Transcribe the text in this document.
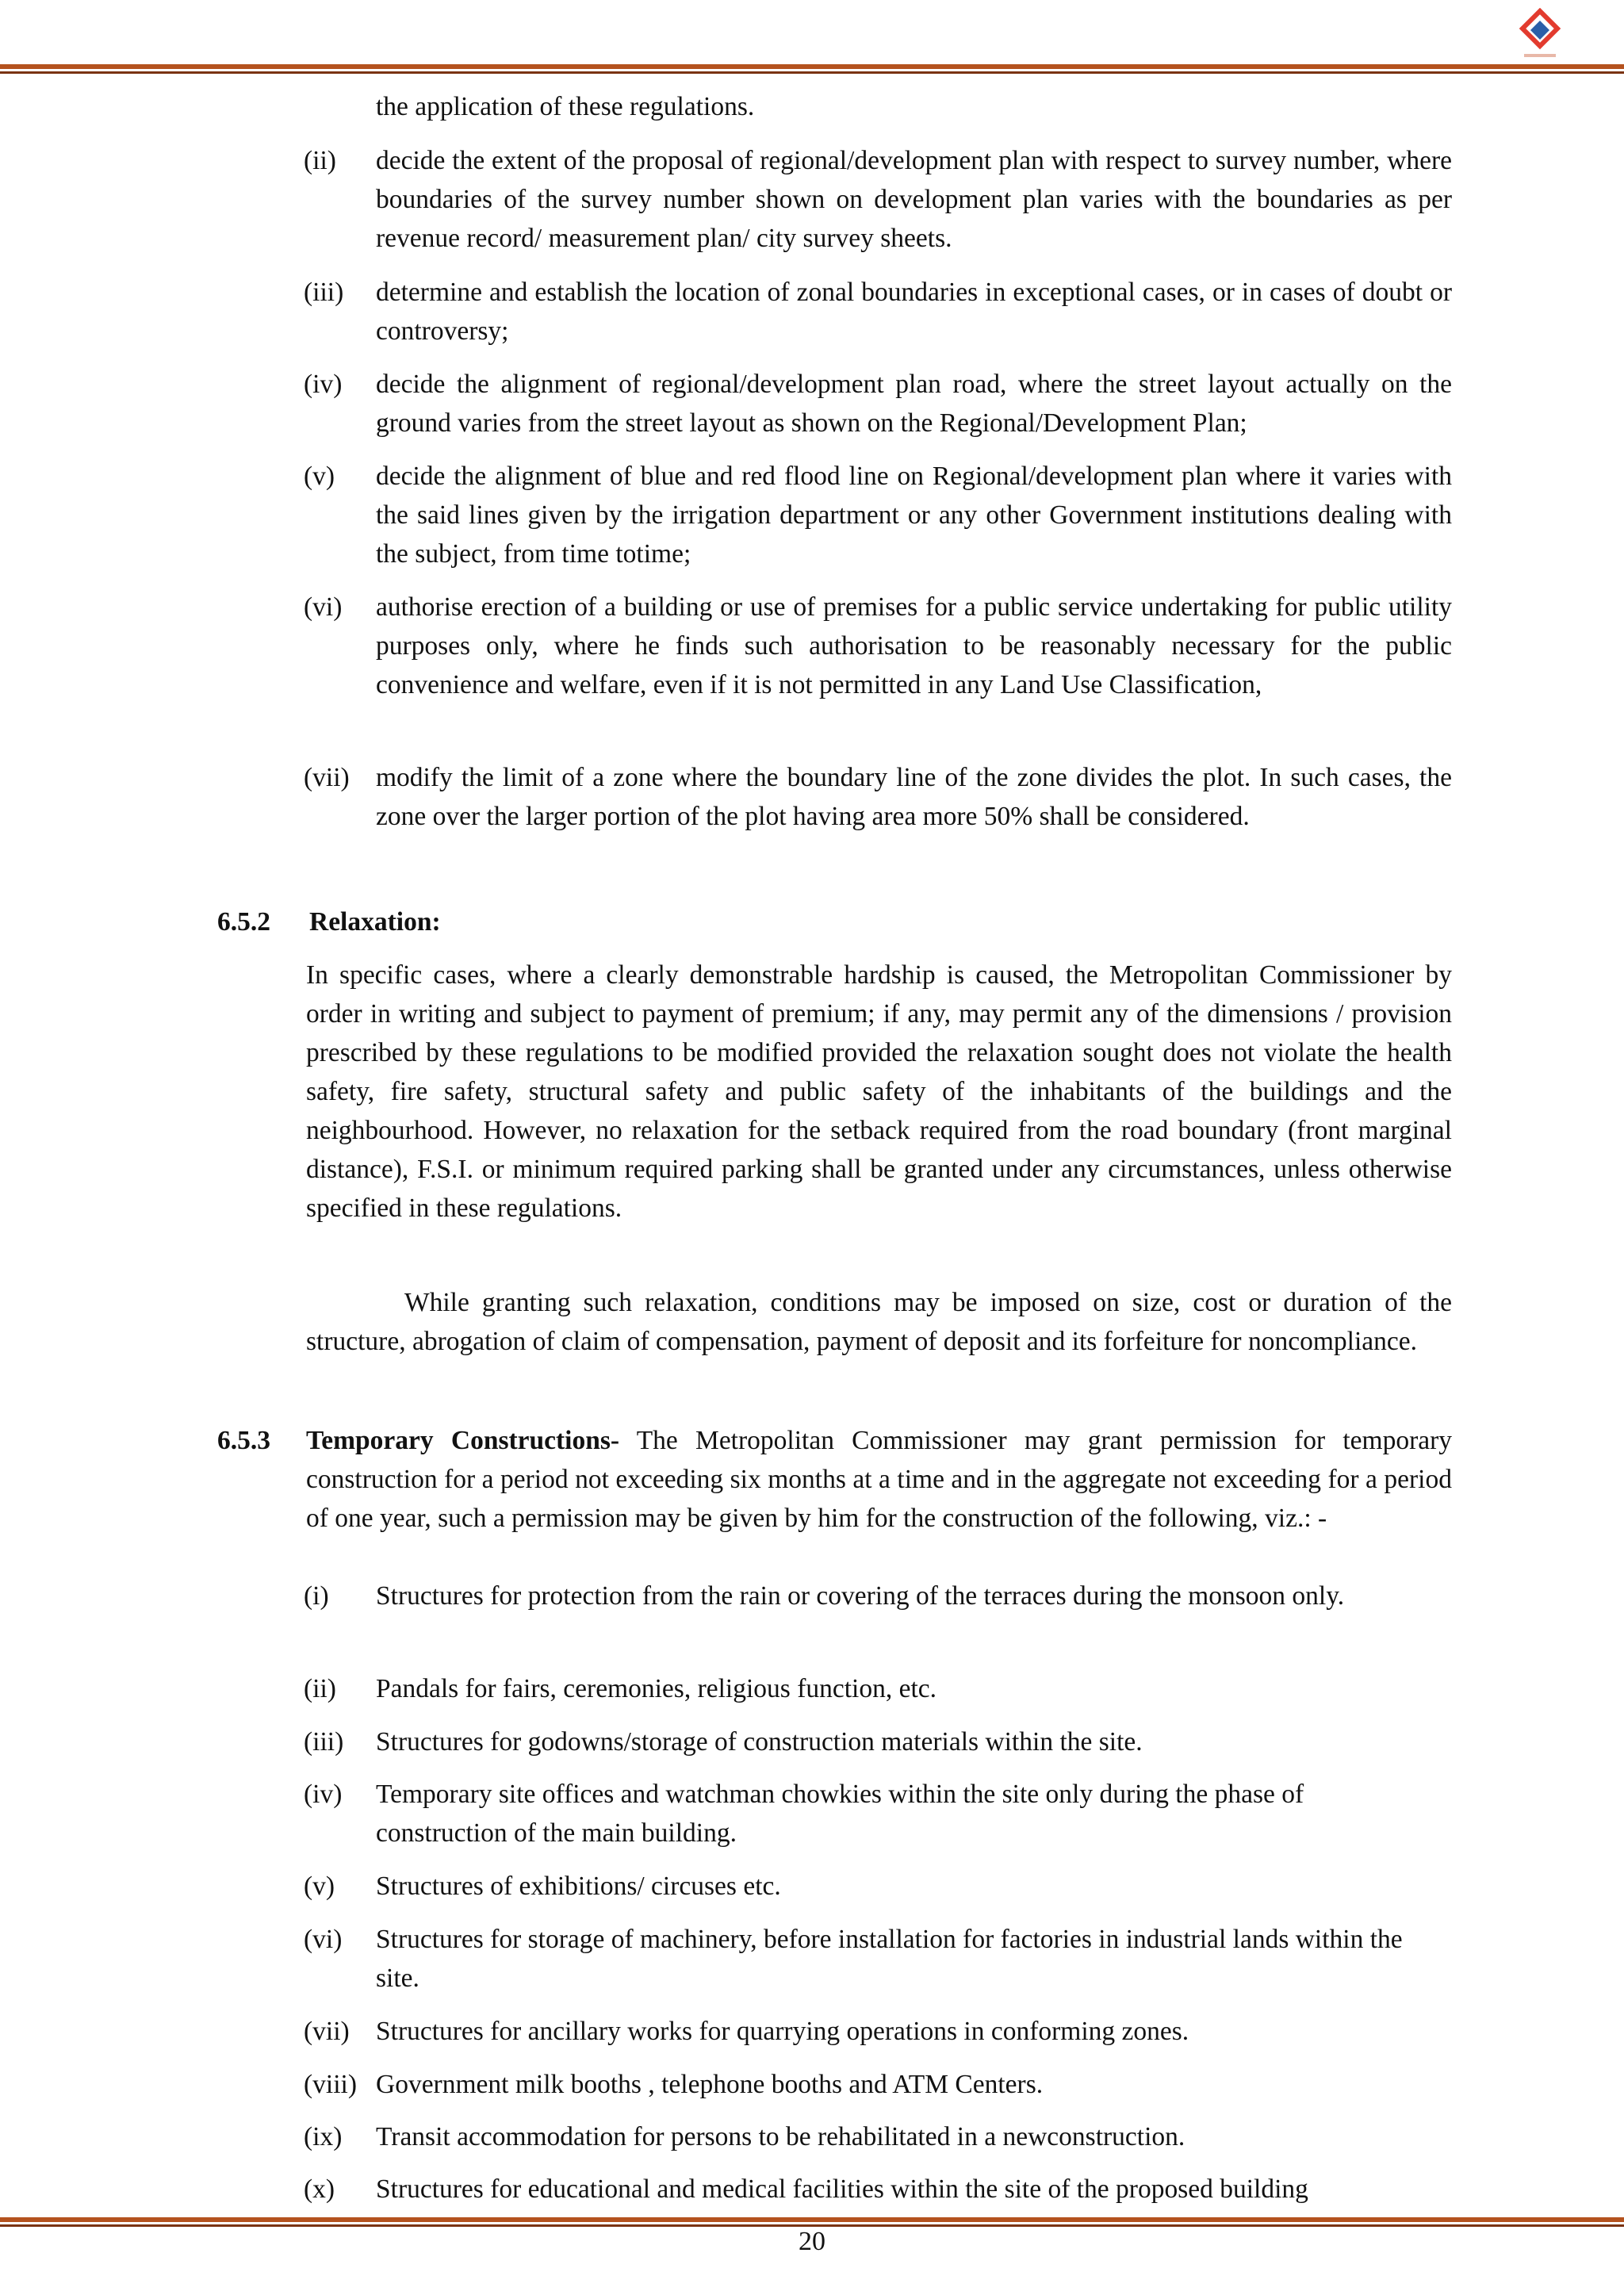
the application of these regulations.
(ii) decide the extent of the proposal of regional/development plan with respect to survey number, where boundaries of the survey number shown on development plan varies with the boundaries as per revenue record/ measurement plan/ city survey sheets.
(iii) determine and establish the location of zonal boundaries in exceptional cases, or in cases of doubt or controversy;
(iv) decide the alignment of regional/development plan road, where the street layout actually on the ground varies from the street layout as shown on the Regional/Development Plan;
(v) decide the alignment of blue and red flood line on Regional/development plan where it varies with the said lines given by the irrigation department or any other Government institutions dealing with the subject, from time totime;
(vi) authorise erection of a building or use of premises for a public service undertaking for public utility purposes only, where he finds such authorisation to be reasonably necessary for the public convenience and welfare, even if it is not permitted in any Land Use Classification,
(vii) modify the limit of a zone where the boundary line of the zone divides the plot. In such cases, the zone over the larger portion of the plot having area more 50% shall be considered.
6.5.2 Relaxation:
In specific cases, where a clearly demonstrable hardship is caused, the Metropolitan Commissioner by order in writing and subject to payment of premium; if any, may permit any of the dimensions / provision prescribed by these regulations to be modified provided the relaxation sought does not violate the health safety, fire safety, structural safety and public safety of the inhabitants of the buildings and the neighbourhood. However, no relaxation for the setback required from the road boundary (front marginal distance), F.S.I. or minimum required parking shall be granted under any circumstances, unless otherwise specified in these regulations.
While granting such relaxation, conditions may be imposed on size, cost or duration of the structure, abrogation of claim of compensation, payment of deposit and its forfeiture for noncompliance.
6.5.3 Temporary Constructions- The Metropolitan Commissioner may grant permission for temporary construction for a period not exceeding six months at a time and in the aggregate not exceeding for a period of one year, such a permission may be given by him for the construction of the following, viz.: -
(i) Structures for protection from the rain or covering of the terraces during the monsoon only.
(ii) Pandals for fairs, ceremonies, religious function, etc.
(iii) Structures for godowns/storage of construction materials within the site.
(iv) Temporary site offices and watchman chowkies within the site only during the phase of construction of the main building.
(v) Structures of exhibitions/ circuses etc.
(vi) Structures for storage of machinery, before installation for factories in industrial lands within the site.
(vii) Structures for ancillary works for quarrying operations in conforming zones.
(viii) Government milk booths , telephone booths and ATM Centers.
(ix) Transit accommodation for persons to be rehabilitated in a newconstruction.
(x) Structures for educational and medical facilities within the site of the proposed building
20
